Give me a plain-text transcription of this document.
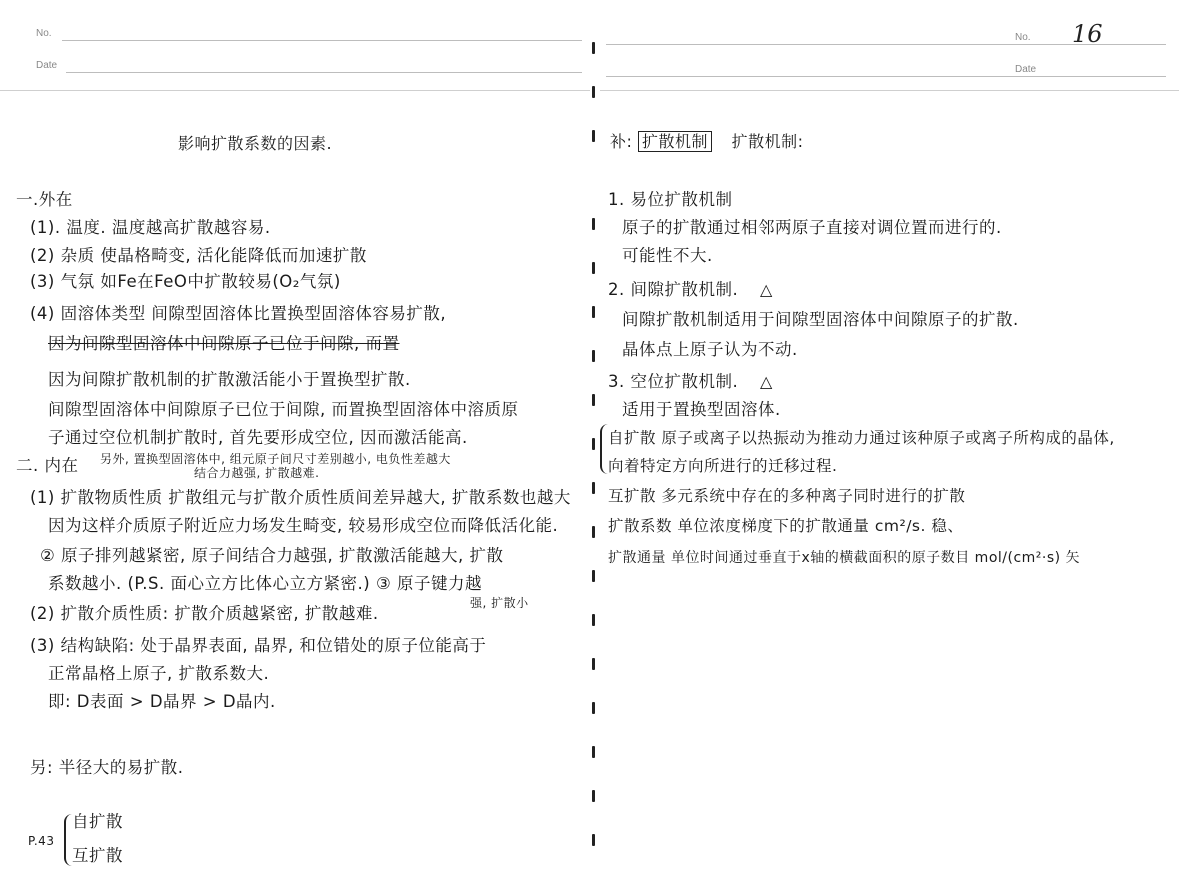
No.
Date
No.
Date
16
影响扩散系数的因素.
一.外在
(1). 温度. 温度越高扩散越容易.
(2) 杂质 使晶格畸变, 活化能降低而加速扩散
(3) 气氛 如Fe在FeO中扩散较易(O₂气氛)
(4) 固溶体类型 间隙型固溶体比置换型固溶体容易扩散,
因为间隙型固溶体中间隙原子已位于间隙, 而置
因为间隙扩散机制的扩散激活能小于置换型扩散.
间隙型固溶体中间隙原子已位于间隙, 而置换型固溶体中溶质原
子通过空位机制扩散时, 首先要形成空位, 因而激活能高.
二. 内在 另外, 置换型固溶体中, 组元原子间尺寸差别越小, 电负性差越大
结合力越强, 扩散越难.
(1) 扩散物质性质 扩散组元与扩散介质性质间差异越大, 扩散系数也越大
因为这样介质原子附近应力场发生畸变, 较易形成空位而降低活化能.
② 原子排列越紧密, 原子间结合力越强, 扩散激活能越大, 扩散
系数越小. (P.S. 面心立方比体心立方紧密.) ③ 原子键力越
强, 扩散小
(2) 扩散介质性质: 扩散介质越紧密, 扩散越难.
(3) 结构缺陷: 处于晶界表面, 晶界, 和位错处的原子位能高于
正常晶格上原子, 扩散系数大.
即: D表面 > D晶界 > D晶内.
另: 半径大的易扩散.
P.43
自扩散
互扩散
补: 扩散机制 扩散机制:
1. 易位扩散机制
原子的扩散通过相邻两原子直接对调位置而进行的.
可能性不大.
2. 间隙扩散机制. △
间隙扩散机制适用于间隙型固溶体中间隙原子的扩散.
晶体点上原子认为不动.
3. 空位扩散机制. △
适用于置换型固溶体.
自扩散 原子或离子以热振动为推动力通过该种原子或离子所构成的晶体,
向着特定方向所进行的迁移过程.
互扩散 多元系统中存在的多种离子同时进行的扩散
扩散系数 单位浓度梯度下的扩散通量 cm²/s. 稳、
扩散通量 单位时间通过垂直于x轴的横截面积的原子数目 mol/(cm²·s) 矢
